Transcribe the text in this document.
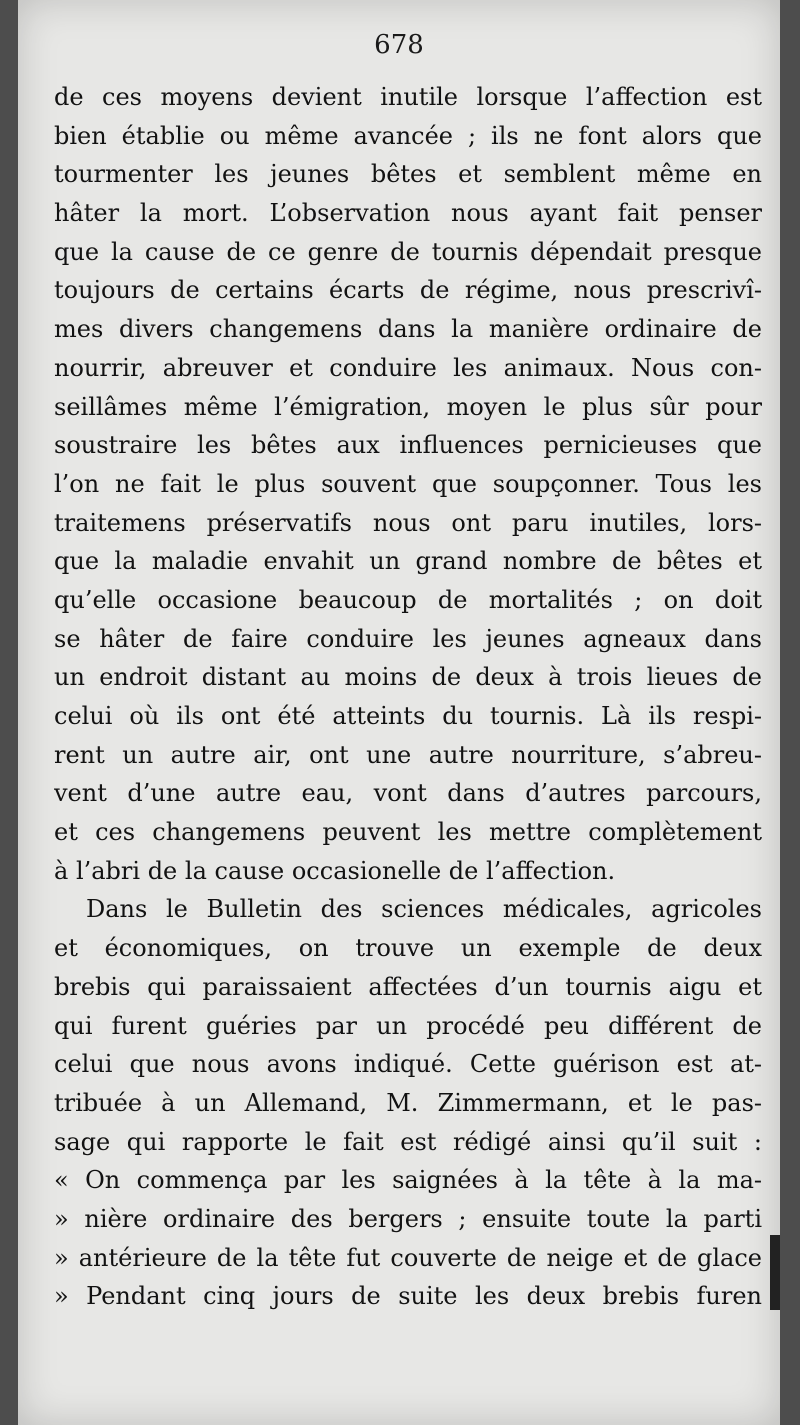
678
de ces moyens devient inutile lorsque l’affection est
bien établie ou même avancée ; ils ne font alors que
tourmenter les jeunes bêtes et semblent même en
hâter la mort. L’observation nous ayant fait penser
que la cause de ce genre de tournis dépendait presque
toujours de certains écarts de régime, nous prescrivî-
mes divers changemens dans la manière ordinaire de
nourrir, abreuver et conduire les animaux. Nous con-
seillâmes même l’émigration, moyen le plus sûr pour
soustraire les bêtes aux influences pernicieuses que
l’on ne fait le plus souvent que soupçonner. Tous les
traitemens préservatifs nous ont paru inutiles, lors-
que la maladie envahit un grand nombre de bêtes et
qu’elle occasione beaucoup de mortalités ; on doit
se hâter de faire conduire les jeunes agneaux dans
un endroit distant au moins de deux à trois lieues de
celui où ils ont été atteints du tournis. Là ils respi-
rent un autre air, ont une autre nourriture, s’abreu-
vent d’une autre eau, vont dans d’autres parcours,
et ces changemens peuvent les mettre complètement
à l’abri de la cause occasionelle de l’affection.
Dans le Bulletin des sciences médicales, agricoles
et économiques, on trouve un exemple de deux
brebis qui paraissaient affectées d’un tournis aigu et
qui furent guéries par un procédé peu différent de
celui que nous avons indiqué. Cette guérison est at-
tribuée à un Allemand, M. Zimmermann, et le pas-
sage qui rapporte le fait est rédigé ainsi qu’il suit :
« On commença par les saignées à la tête à la ma-
» nière ordinaire des bergers ; ensuite toute la parti
» antérieure de la tête fut couverte de neige et de glace
» Pendant cinq jours de suite les deux brebis furen
